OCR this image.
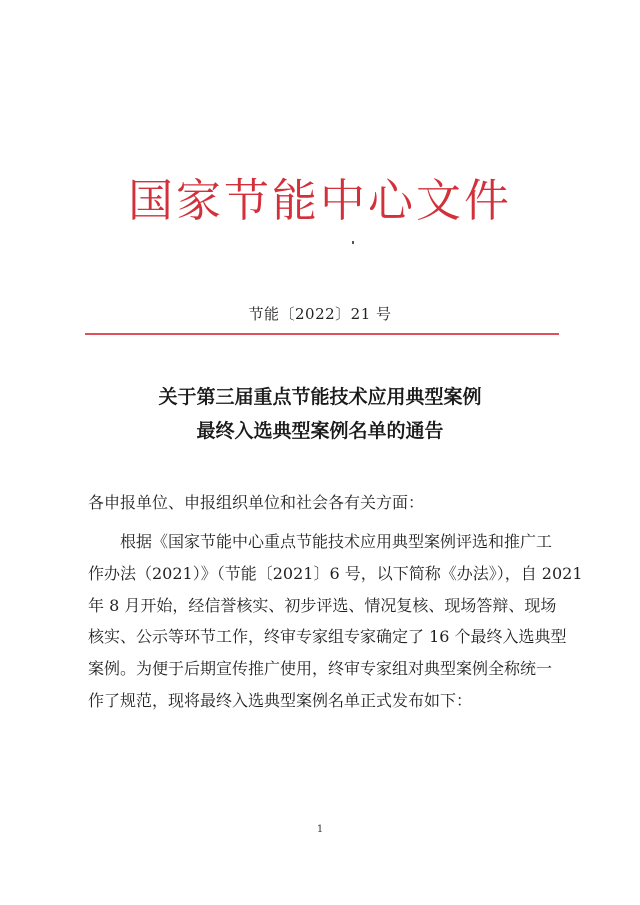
国家节能中心文件
节能〔2022〕21 号
关于第三届重点节能技术应用典型案例
最终入选典型案例名单的通告
各申报单位、申报组织单位和社会各有关方面：
根据《国家节能中心重点节能技术应用典型案例评选和推广工
作办法（2021）》（节能〔2021〕6 号，以下简称《办法》），自 2021
年 8 月开始，经信誉核实、初步评选、情况复核、现场答辩、现场
核实、公示等环节工作，终审专家组专家确定了 16 个最终入选典型
案例。为便于后期宣传推广使用，终审专家组对典型案例全称统一
作了规范，现将最终入选典型案例名单正式发布如下：
1
